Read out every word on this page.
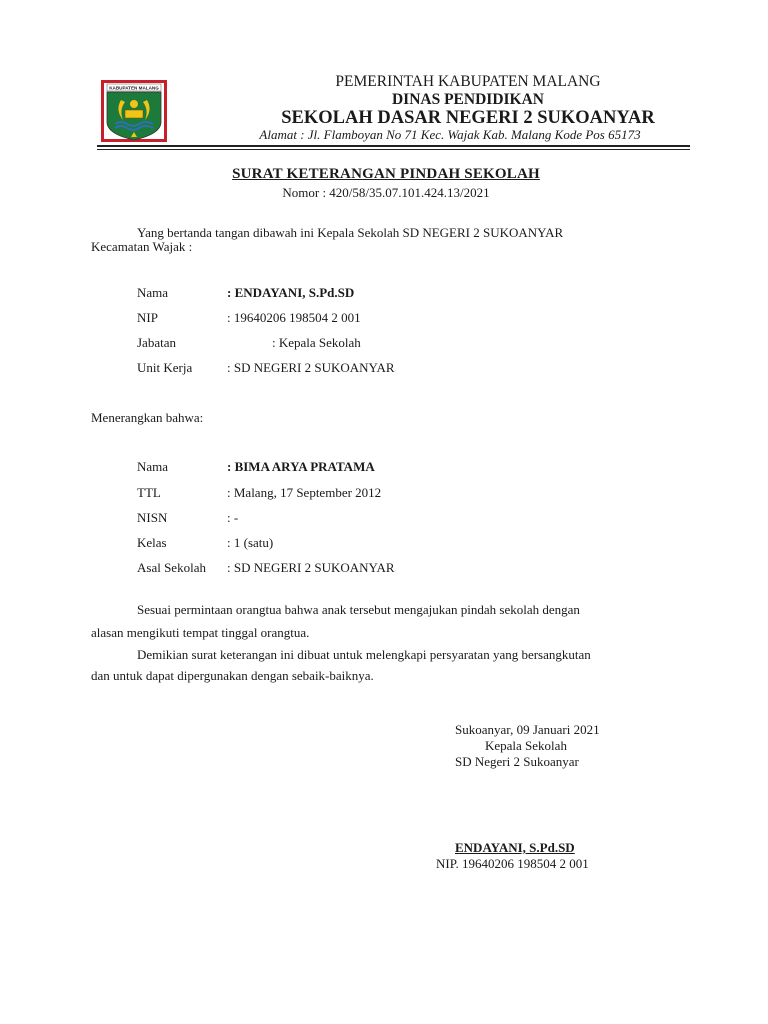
KABUPATEN MALANG	PEMERINTAH KABUPATEN MALANG
DINAS PENDIDIKAN
SEKOLAH DASAR NEGERI 2 SUKOANYAR
Alamat : Jl. Flamboyan No 71 Kec. Wajak Kab. Malang Kode Pos 65173
SURAT KETERANGAN PINDAH SEKOLAH
Nomor : 420/58/35.07.101.424.13/2021
Yang bertanda tangan dibawah ini Kepala Sekolah SD NEGERI 2 SUKOANYAR
Kecamatan Wajak :
Nama	: ENDAYANI, S.Pd.SD
NIP	: 19640206 198504 2 001
Jabatan	: Kepala Sekolah
Unit Kerja	: SD NEGERI 2 SUKOANYAR
Menerangkan bahwa:
Nama	: BIMA ARYA PRATAMA
TTL	: Malang, 17 September 2012
NISN	: -
Kelas	: 1 (satu)
Asal Sekolah : SD NEGERI 2 SUKOANYAR
Sesuai permintaan orangtua bahwa anak tersebut mengajukan pindah sekolah dengan
alasan mengikuti tempat tinggal orangtua.
Demikian surat keterangan ini dibuat untuk melengkapi persyaratan yang bersangkutan
dan untuk dapat dipergunakan dengan sebaik-baiknya.
Sukoanyar, 09 Januari 2021
Kepala Sekolah
SD Negeri 2 Sukoanyar
ENDAYANI, S.Pd.SD
NIP. 19640206 198504 2 001
